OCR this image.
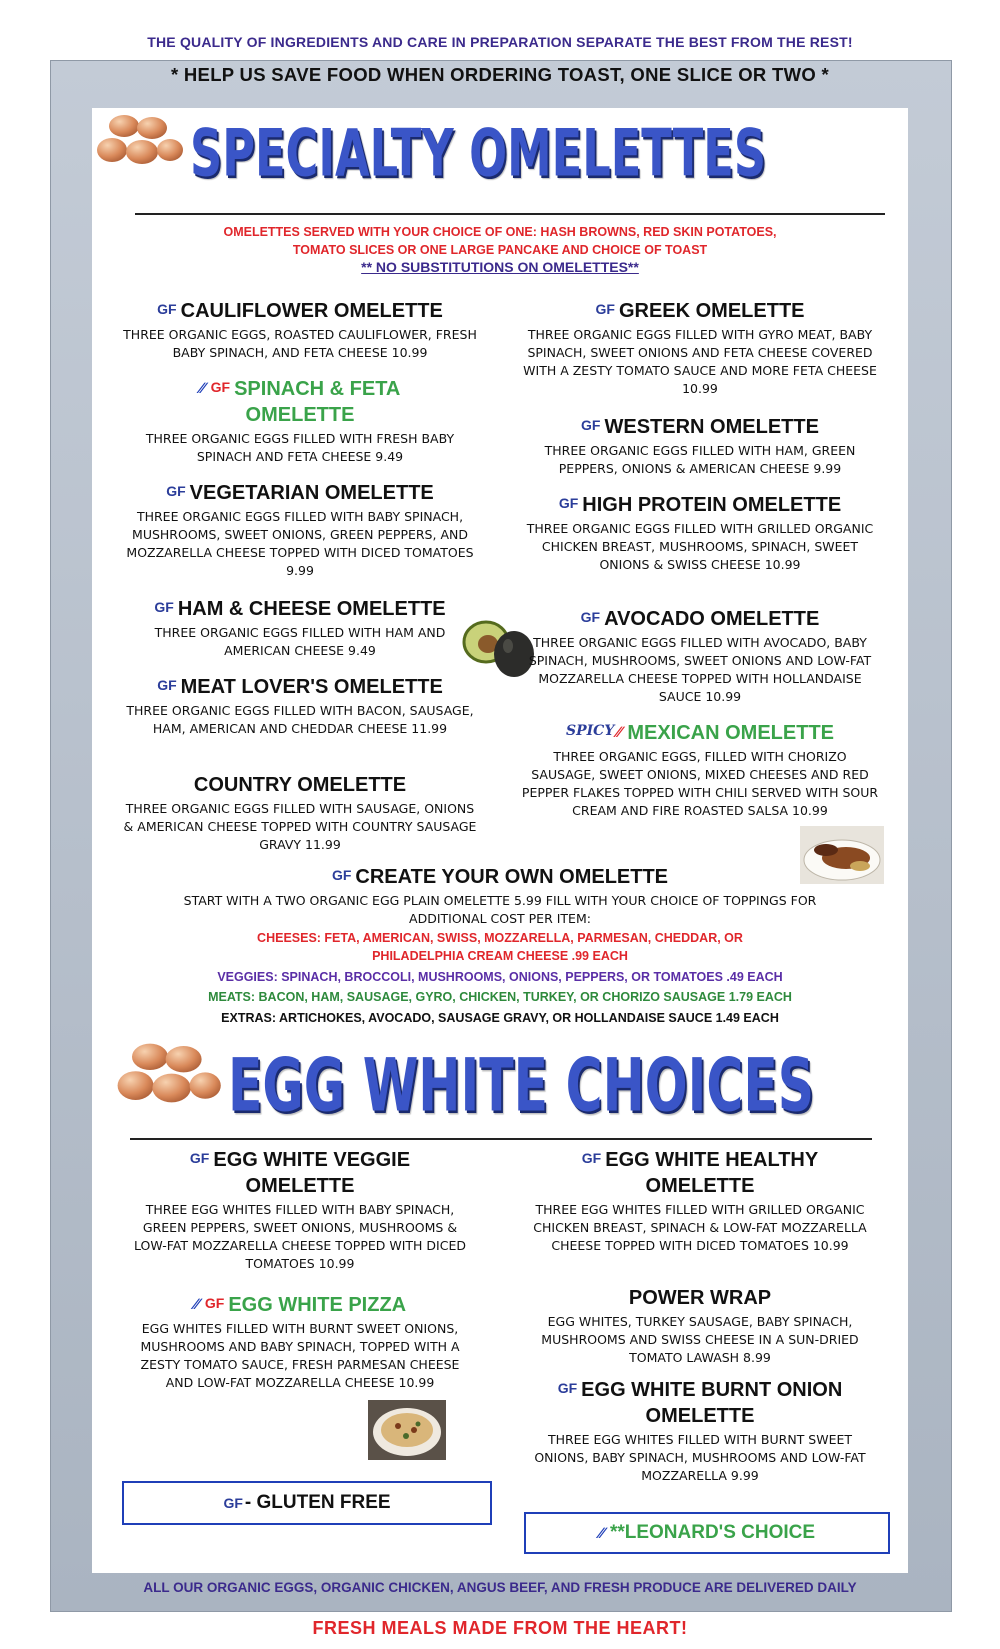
THE QUALITY OF INGREDIENTS AND CARE IN PREPARATION SEPARATE THE BEST FROM THE REST!
* HELP US SAVE FOOD WHEN ORDERING TOAST, ONE SLICE OR TWO *
SPECIALTY OMELETTES
OMELETTES SERVED WITH YOUR CHOICE OF ONE: HASH BROWNS, RED SKIN POTATOES,
TOMATO SLICES OR ONE LARGE PANCAKE AND CHOICE OF TOAST
** NO SUBSTITUTIONS ON OMELETTES**
GF CAULIFLOWER OMELETTE
THREE ORGANIC EGGS, ROASTED CAULIFLOWER, FRESH BABY SPINACH, AND FETA CHEESE 10.99
∕∕ GF SPINACH & FETA OMELETTE
THREE ORGANIC EGGS FILLED WITH FRESH BABY SPINACH AND FETA CHEESE 9.49
GF VEGETARIAN OMELETTE
THREE ORGANIC EGGS FILLED WITH BABY SPINACH, MUSHROOMS, SWEET ONIONS, GREEN PEPPERS, AND MOZZARELLA CHEESE TOPPED WITH DICED TOMATOES 9.99
GF HAM & CHEESE OMELETTE
THREE ORGANIC EGGS FILLED WITH HAM AND AMERICAN CHEESE 9.49
GF MEAT LOVER'S OMELETTE
THREE ORGANIC EGGS FILLED WITH BACON, SAUSAGE, HAM, AMERICAN AND CHEDDAR CHEESE 11.99
COUNTRY OMELETTE
THREE ORGANIC EGGS FILLED WITH SAUSAGE, ONIONS & AMERICAN CHEESE TOPPED WITH COUNTRY SAUSAGE GRAVY 11.99
GF GREEK OMELETTE
THREE ORGANIC EGGS FILLED WITH GYRO MEAT, BABY SPINACH, SWEET ONIONS AND FETA CHEESE COVERED WITH A ZESTY TOMATO SAUCE AND MORE FETA CHEESE 10.99
GF WESTERN OMELETTE
THREE ORGANIC EGGS FILLED WITH HAM, GREEN PEPPERS, ONIONS & AMERICAN CHEESE 9.99
GF HIGH PROTEIN OMELETTE
THREE ORGANIC EGGS FILLED WITH GRILLED ORGANIC CHICKEN BREAST, MUSHROOMS, SPINACH, SWEET ONIONS & SWISS CHEESE 10.99
GF AVOCADO OMELETTE
THREE ORGANIC EGGS FILLED WITH AVOCADO, BABY SPINACH, MUSHROOMS, SWEET ONIONS AND LOW-FAT MOZZARELLA CHEESE TOPPED WITH HOLLANDAISE SAUCE 10.99
$^{SPICY}$ ∕∕ MEXICAN OMELETTE
THREE ORGANIC EGGS, FILLED WITH CHORIZO SAUSAGE, SWEET ONIONS, MIXED CHEESES AND RED PEPPER FLAKES TOPPED WITH CHILI SERVED WITH SOUR CREAM AND FIRE ROASTED SALSA 10.99
GF CREATE YOUR OWN OMELETTE
START WITH A TWO ORGANIC EGG PLAIN OMELETTE 5.99 FILL WITH YOUR CHOICE OF TOPPINGS FOR
ADDITIONAL COST PER ITEM:
CHEESES: FETA, AMERICAN, SWISS, MOZZARELLA, PARMESAN, CHEDDAR, OR
PHILADELPHIA CREAM CHEESE .99 EACH
VEGGIES: SPINACH, BROCCOLI, MUSHROOMS, ONIONS, PEPPERS, OR TOMATOES .49 EACH
MEATS: BACON, HAM, SAUSAGE, GYRO, CHICKEN, TURKEY, OR CHORIZO SAUSAGE 1.79 EACH
EXTRAS: ARTICHOKES, AVOCADO, SAUSAGE GRAVY, OR HOLLANDAISE SAUCE 1.49 EACH
EGG WHITE CHOICES
GF EGG WHITE VEGGIE OMELETTE
THREE EGG WHITES FILLED WITH BABY SPINACH, GREEN PEPPERS, SWEET ONIONS, MUSHROOMS & LOW-FAT MOZZARELLA CHEESE TOPPED WITH DICED TOMATOES 10.99
∕∕ GF EGG WHITE PIZZA
EGG WHITES FILLED WITH BURNT SWEET ONIONS, MUSHROOMS AND BABY SPINACH, TOPPED WITH A ZESTY TOMATO SAUCE, FRESH PARMESAN CHEESE AND LOW-FAT MOZZARELLA CHEESE 10.99
GF EGG WHITE HEALTHY OMELETTE
THREE EGG WHITES FILLED WITH GRILLED ORGANIC CHICKEN BREAST, SPINACH & LOW-FAT MOZZARELLA CHEESE TOPPED WITH DICED TOMATOES 10.99
POWER WRAP
EGG WHITES, TURKEY SAUSAGE, BABY SPINACH, MUSHROOMS AND SWISS CHEESE IN A SUN-DRIED TOMATO LAWASH 8.99
GF EGG WHITE BURNT ONION OMELETTE
THREE EGG WHITES FILLED WITH BURNT SWEET ONIONS, BABY SPINACH, MUSHROOMS AND LOW-FAT MOZZARELLA 9.99
GF - GLUTEN FREE
∕∕ **LEONARD'S CHOICE
ALL OUR ORGANIC EGGS, ORGANIC CHICKEN, ANGUS BEEF, AND FRESH PRODUCE ARE DELIVERED DAILY
FRESH MEALS MADE FROM THE HEART!
